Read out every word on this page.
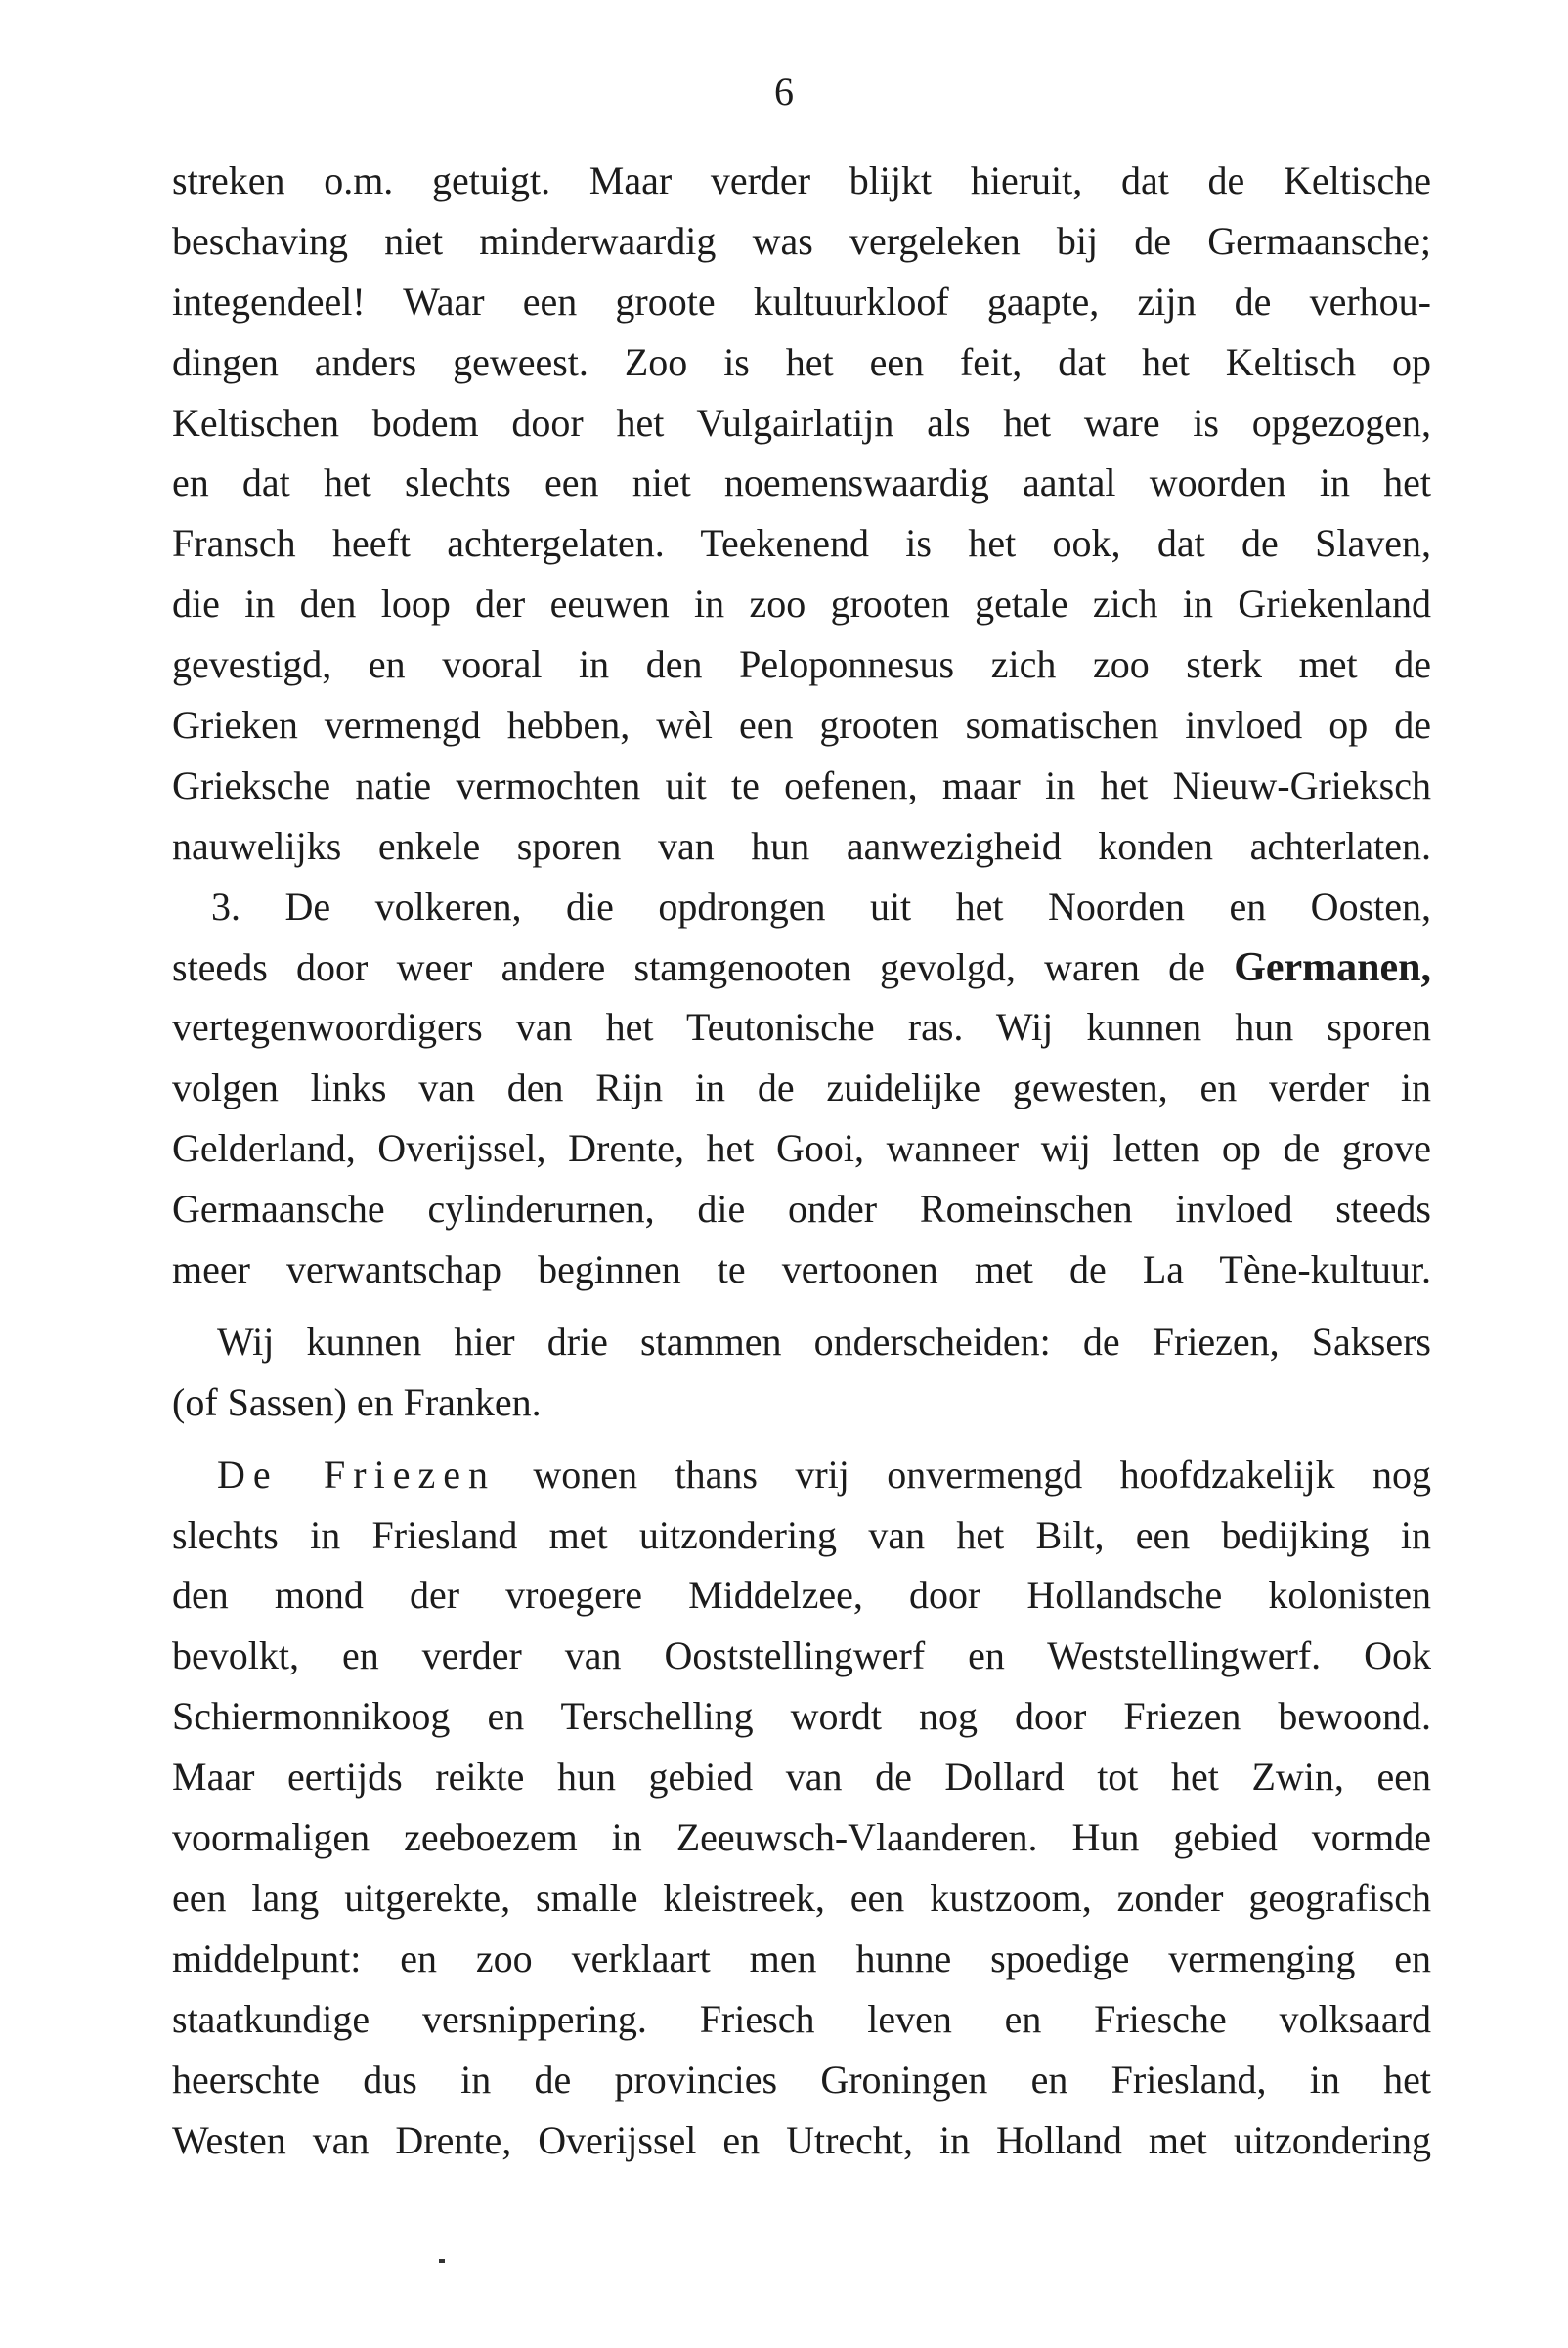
6
streken o.m. getuigt. Maar verder blijkt hieruit, dat de Keltische
beschaving niet minderwaardig was vergeleken bij de Germaansche;
integendeel! Waar een groote kultuurkloof gaapte, zijn de verhou-
dingen anders geweest. Zoo is het een feit, dat het Keltisch op
Keltischen bodem door het Vulgairlatijn als het ware is opgezogen,
en dat het slechts een niet noemenswaardig aantal woorden in het
Fransch heeft achtergelaten. Teekenend is het ook, dat de Slaven,
die in den loop der eeuwen in zoo grooten getale zich in Griekenland
gevestigd, en vooral in den Peloponnesus zich zoo sterk met de
Grieken vermengd hebben, wèl een grooten somatischen invloed op de
Grieksche natie vermochten uit te oefenen, maar in het Nieuw-Grieksch
nauwelijks enkele sporen van hun aanwezigheid konden achterlaten.
3. De volkeren, die opdrongen uit het Noorden en Oosten,
steeds door weer andere stamgenooten gevolgd, waren de Germanen,
vertegenwoordigers van het Teutonische ras. Wij kunnen hun sporen
volgen links van den Rijn in de zuidelijke gewesten, en verder in
Gelderland, Overijssel, Drente, het Gooi, wanneer wij letten op de grove
Germaansche cylinderurnen, die onder Romeinschen invloed steeds
meer verwantschap beginnen te vertoonen met de La Tène-kultuur.
Wij kunnen hier drie stammen onderscheiden: de Friezen, Saksers
(of Sassen) en Franken.
De Friezen wonen thans vrij onvermengd hoofdzakelijk nog
slechts in Friesland met uitzondering van het Bilt, een bedijking in
den mond der vroegere Middelzee, door Hollandsche kolonisten
bevolkt, en verder van Ooststellingwerf en Weststellingwerf. Ook
Schiermonnikoog en Terschelling wordt nog door Friezen bewoond.
Maar eertijds reikte hun gebied van de Dollard tot het Zwin, een
voormaligen zeeboezem in Zeeuwsch-Vlaanderen. Hun gebied vormde
een lang uitgerekte, smalle kleistreek, een kustzoom, zonder geografisch
middelpunt: en zoo verklaart men hunne spoedige vermenging en
staatkundige versnippering. Friesch leven en Friesche volksaard
heerschte dus in de provincies Groningen en Friesland, in het
Westen van Drente, Overijssel en Utrecht, in Holland met uitzondering
